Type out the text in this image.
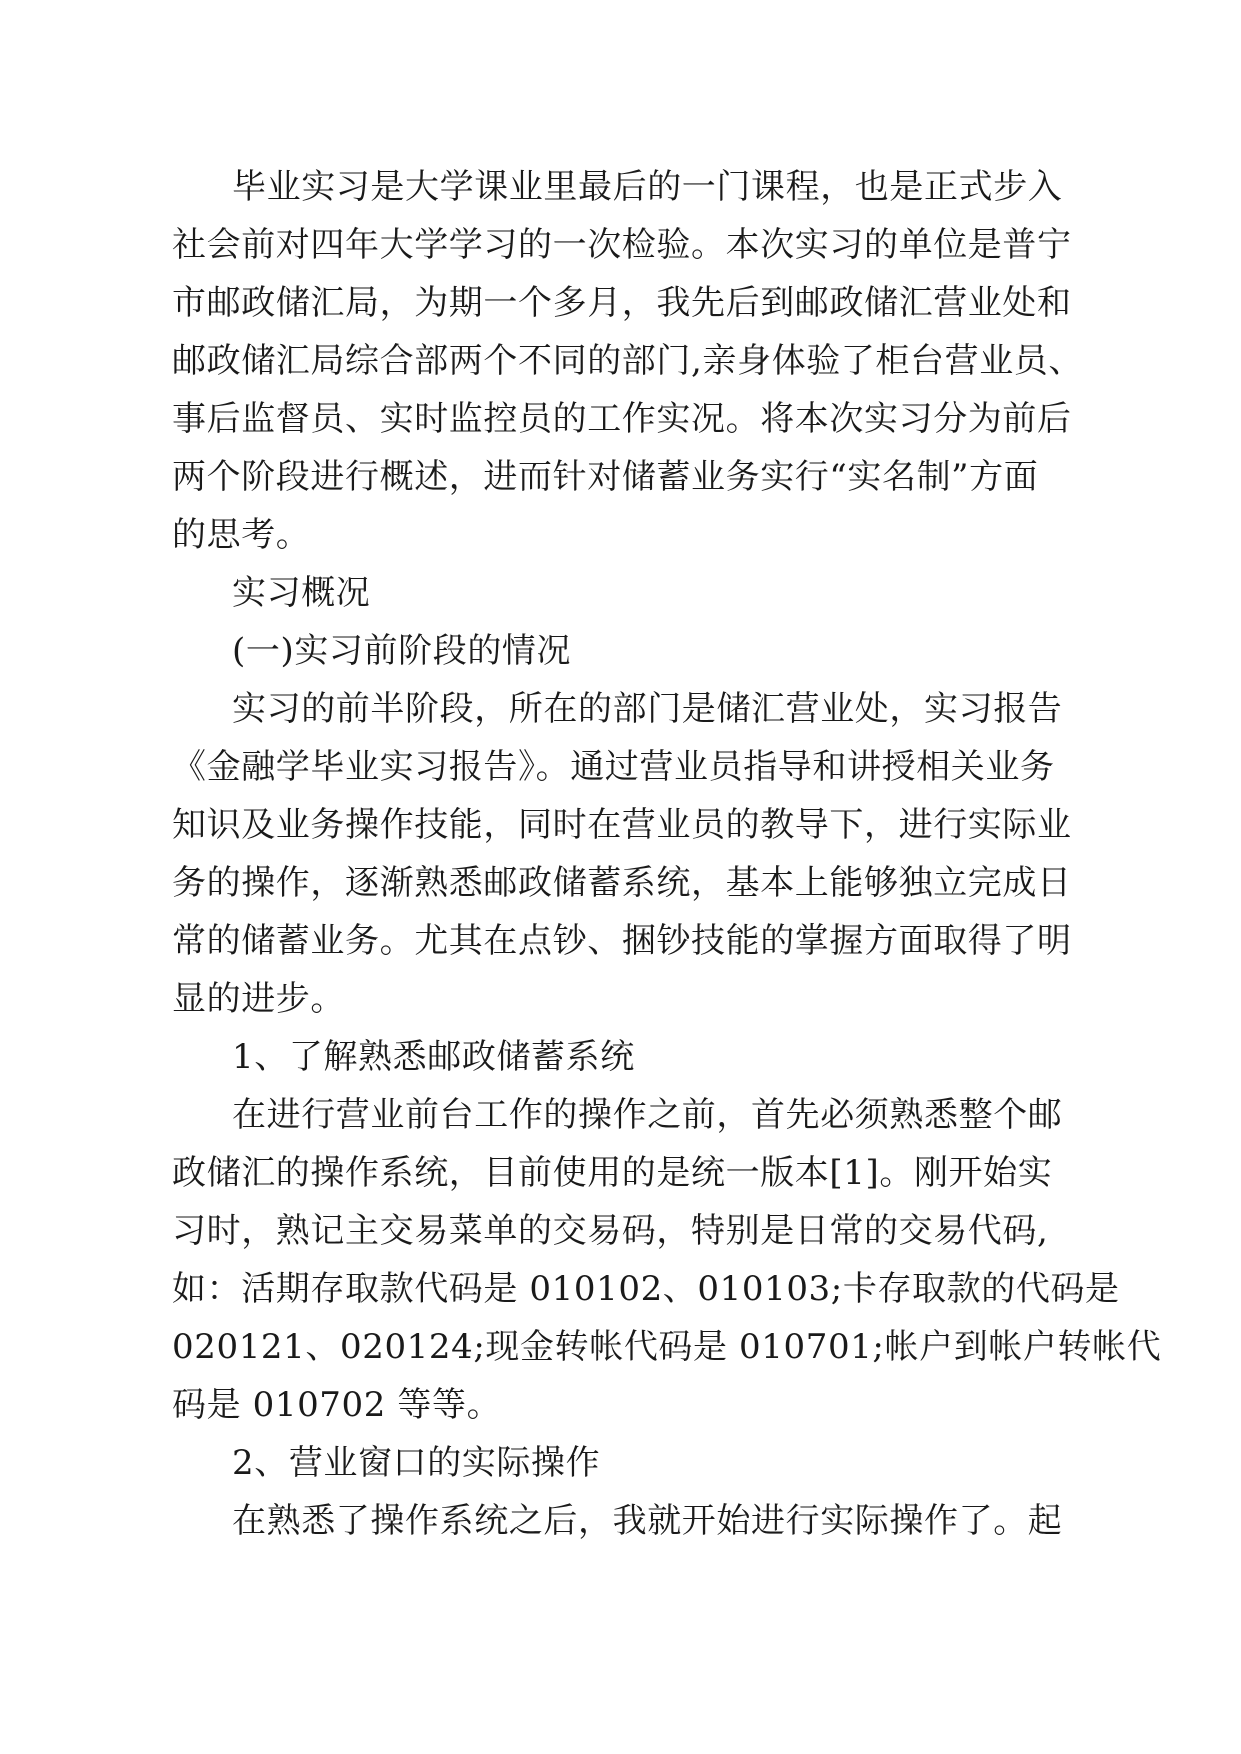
毕业实习是大学课业里最后的一门课程，也是正式步入
社会前对四年大学学习的一次检验。本次实习的单位是普宁
市邮政储汇局，为期一个多月，我先后到邮政储汇营业处和
邮政储汇局综合部两个不同的部门,亲身体验了柜台营业员、
事后监督员、实时监控员的工作实况。将本次实习分为前后
两个阶段进行概述，进而针对储蓄业务实行“实名制”方面
的思考。
实习概况
(一)实习前阶段的情况
实习的前半阶段，所在的部门是储汇营业处，实习报告
《金融学毕业实习报告》。通过营业员指导和讲授相关业务
知识及业务操作技能，同时在营业员的教导下，进行实际业
务的操作，逐渐熟悉邮政储蓄系统，基本上能够独立完成日
常的储蓄业务。尤其在点钞、捆钞技能的掌握方面取得了明
显的进步。
1、了解熟悉邮政储蓄系统
在进行营业前台工作的操作之前，首先必须熟悉整个邮
政储汇的操作系统，目前使用的是统一版本[1]。刚开始实
习时，熟记主交易菜单的交易码，特别是日常的交易代码,
如：活期存取款代码是 010102、010103;卡存取款的代码是
020121、020124;现金转帐代码是 010701;帐户到帐户转帐代
码是 010702 等等。
2、营业窗口的实际操作
在熟悉了操作系统之后，我就开始进行实际操作了。起
